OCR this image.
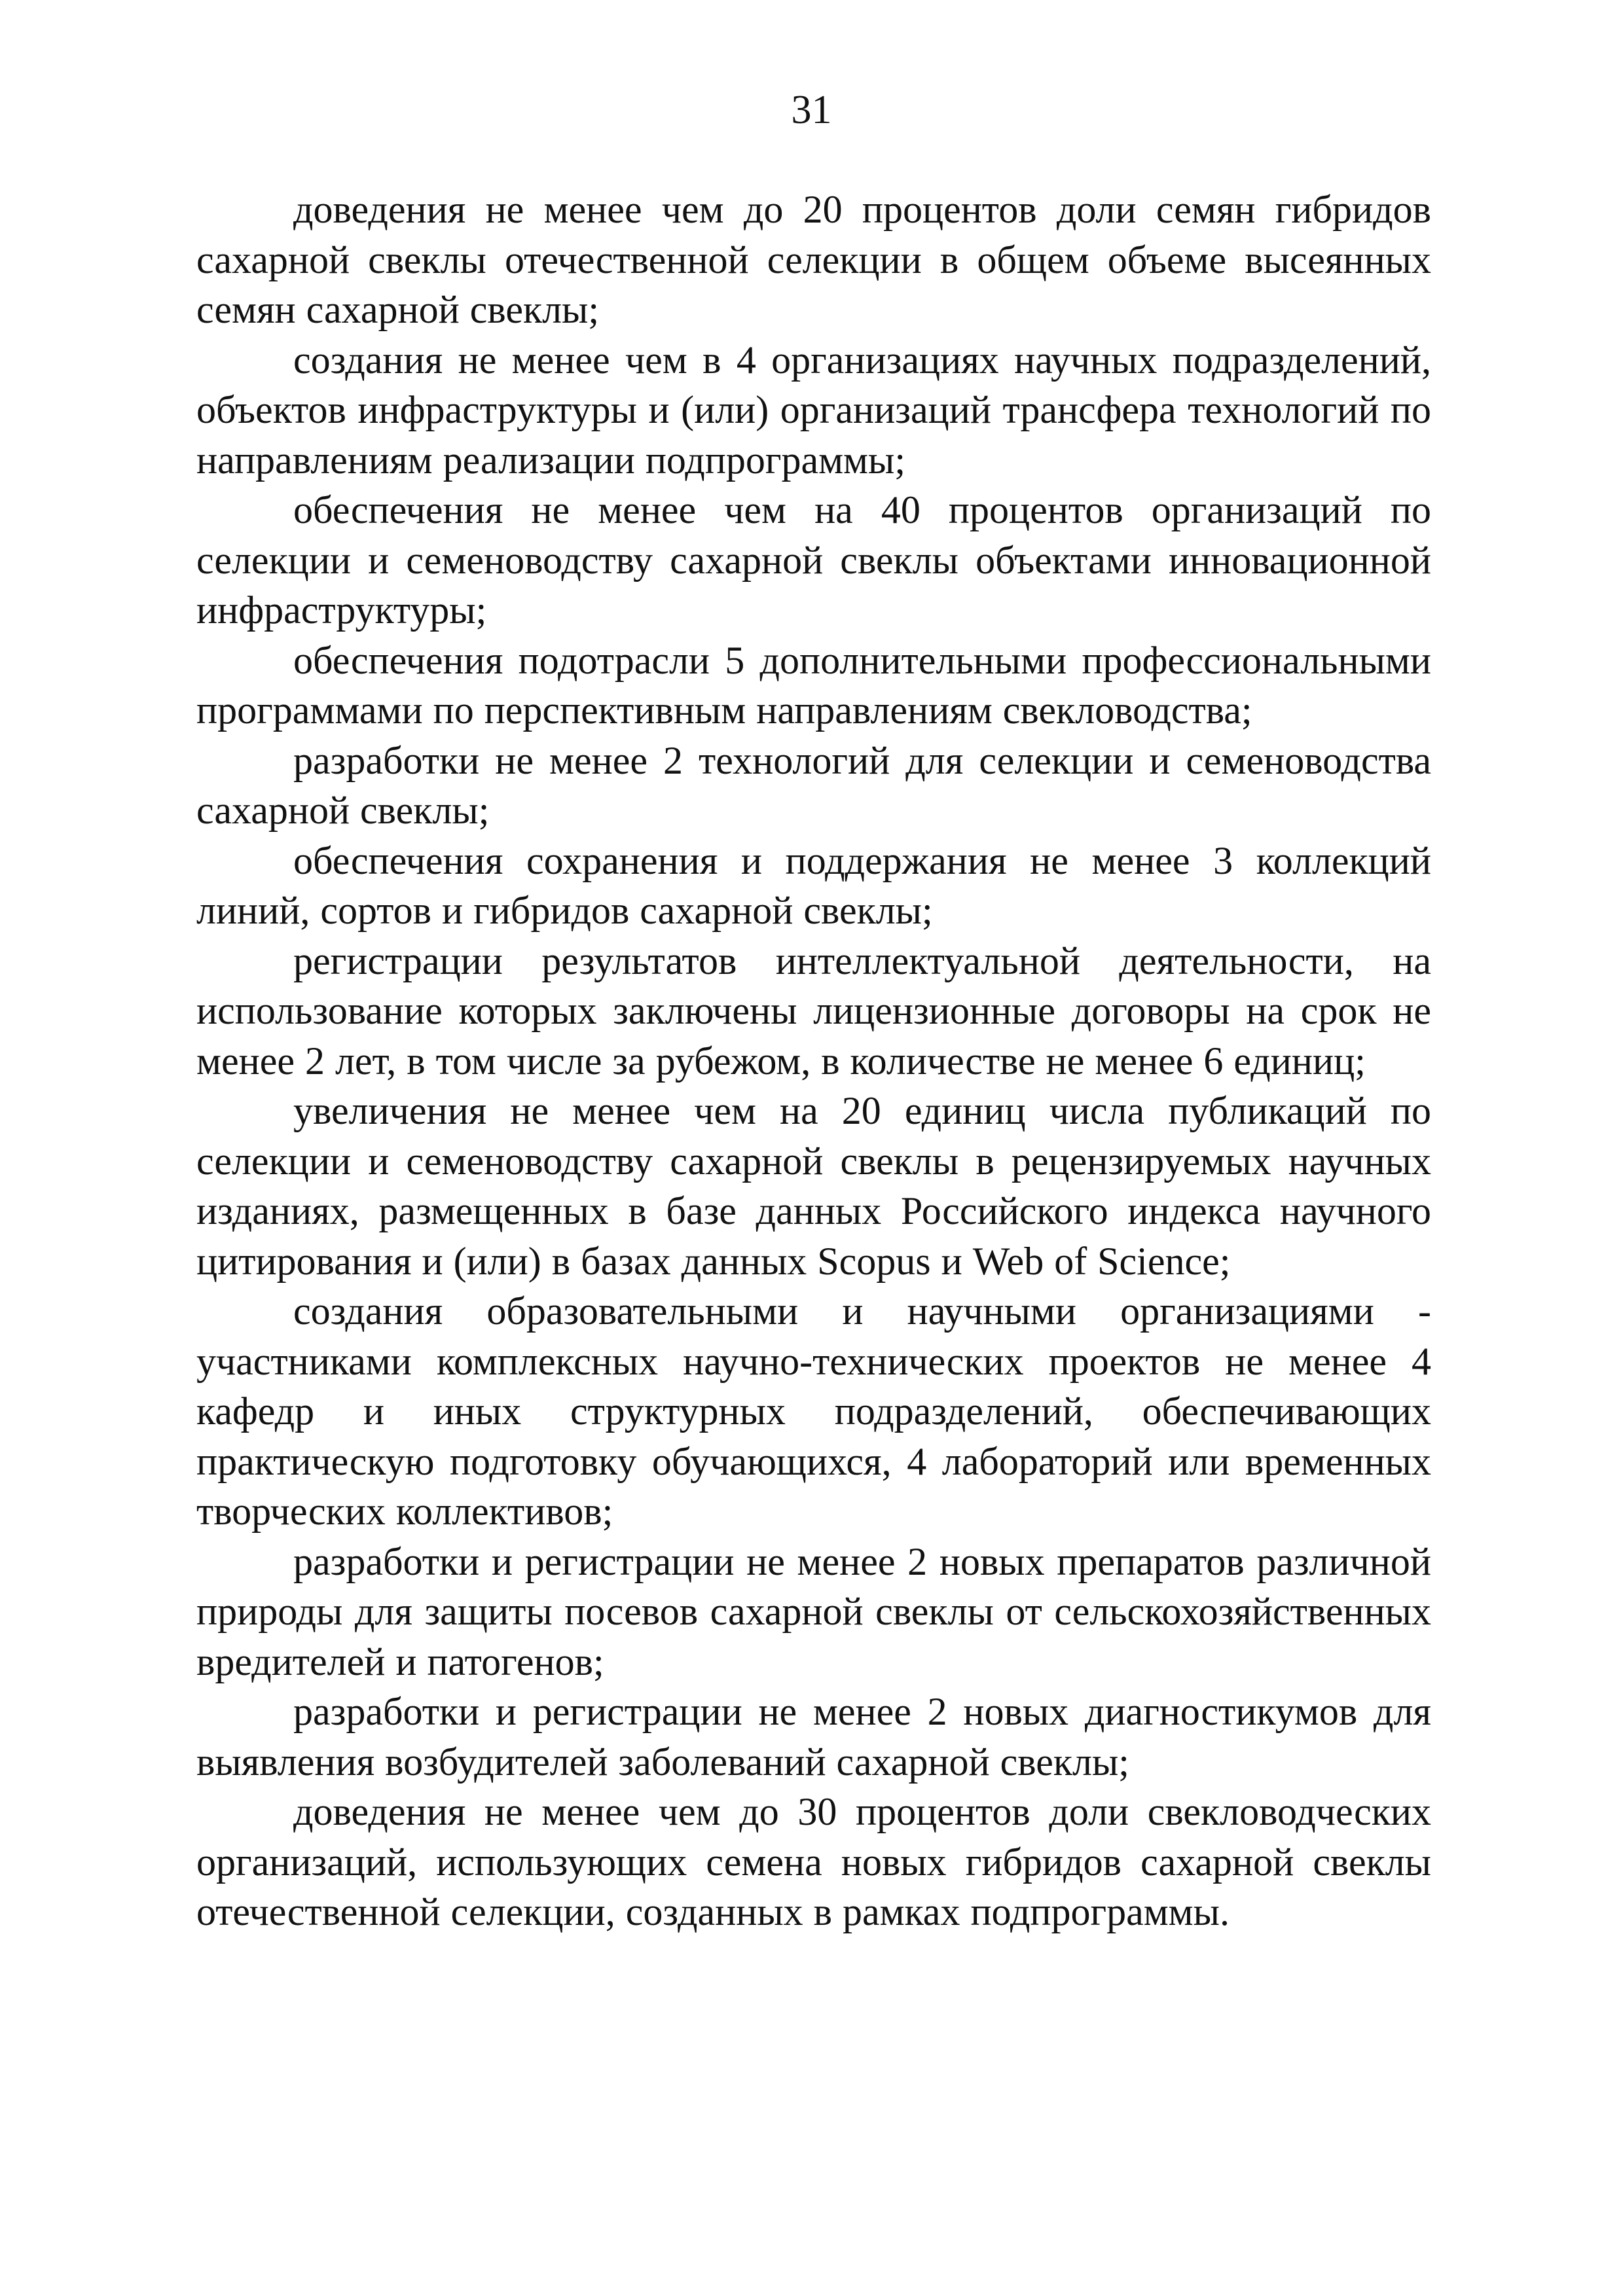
31

доведения не менее чем до 20 процентов доли семян гибридов сахарной свеклы отечественной селекции в общем объеме высеянных семян сахарной свеклы;

создания не менее чем в 4 организациях научных подразделений, объектов инфраструктуры и (или) организаций трансфера технологий по направлениям реализации подпрограммы;

обеспечения не менее чем на 40 процентов организаций по селекции и семеноводству сахарной свеклы объектами инновационной инфраструктуры;

обеспечения подотрасли 5 дополнительными профессиональными программами по перспективным направлениям свекловодства;

разработки не менее 2 технологий для селекции и семеноводства сахарной свеклы;

обеспечения сохранения и поддержания не менее 3 коллекций линий, сортов и гибридов сахарной свеклы;

регистрации результатов интеллектуальной деятельности, на использование которых заключены лицензионные договоры на срок не менее 2 лет, в том числе за рубежом, в количестве не менее 6 единиц;

увеличения не менее чем на 20 единиц числа публикаций по селекции и семеноводству сахарной свеклы в рецензируемых научных изданиях, размещенных в базе данных Российского индекса научного цитирования и (или) в базах данных Scopus и Web of Science;

создания образовательными и научными организациями - участниками комплексных научно-технических проектов не менее 4 кафедр и иных структурных подразделений, обеспечивающих практическую подготовку обучающихся, 4 лабораторий или временных творческих коллективов;

разработки и регистрации не менее 2 новых препаратов различной природы для защиты посевов сахарной свеклы от сельскохозяйственных вредителей и патогенов;

разработки и регистрации не менее 2 новых диагностикумов для выявления возбудителей заболеваний сахарной свеклы;

доведения не менее чем до 30 процентов доли свекловодческих организаций, использующих семена новых гибридов сахарной свеклы отечественной селекции, созданных в рамках подпрограммы.
